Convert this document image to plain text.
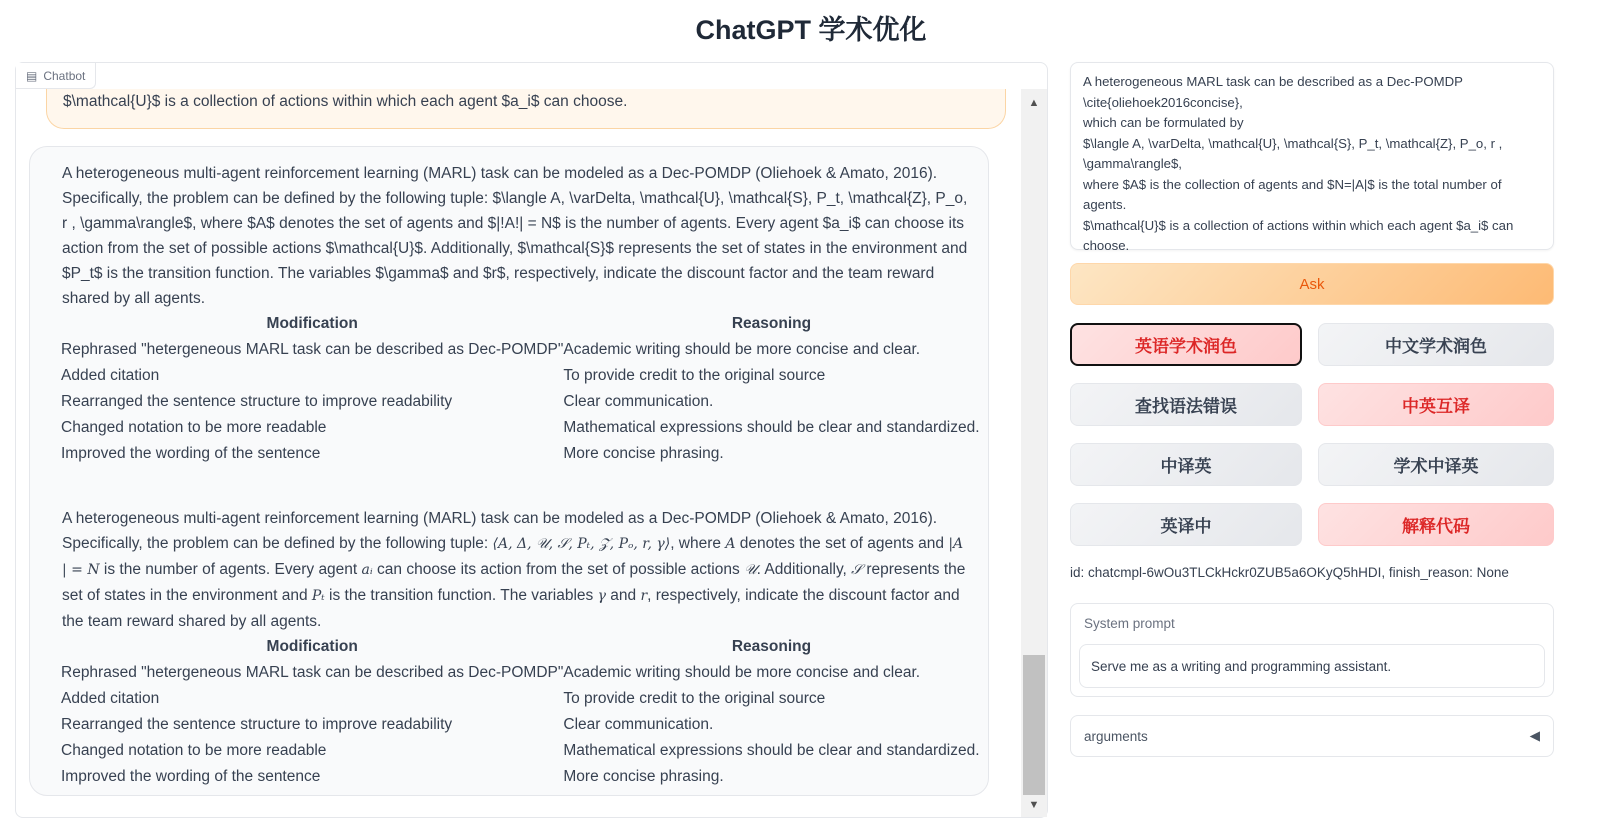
ChatGPT 学术优化
▤ Chatbot
$\mathcal{U}$ is a collection of actions within which each agent $a_i$ can choose.

A heterogeneous multi-agent reinforcement learning (MARL) task can be modeled as a Dec-POMDP (Oliehoek & Amato, 2016). Specifically, the problem can be defined by the following tuple: $\langle A, \varDelta, \mathcal{U}, \mathcal{S}, P_t, \mathcal{Z}, P_o, r , \gamma\rangle$, where $A$ denotes the set of agents and $|!A!| = N$ is the number of agents. Every agent $a_i$ can choose its action from the set of possible actions $\mathcal{U}$. Additionally, $\mathcal{S}$ represents the set of states in the environment and $P_t$ is the transition function. The variables $\gamma$ and $r$, respectively, indicate the discount factor and the team reward shared by all agents.

Modification	Reasoning
Rephrased "hetergeneous MARL task can be described as Dec-POMDP"	Academic writing should be more concise and clear.
Added citation	To provide credit to the original source
Rearranged the sentence structure to improve readability	Clear communication.
Changed notation to be more readable	Mathematical expressions should be clear and standardized.
Improved the wording of the sentence	More concise phrasing.

A heterogeneous multi-agent reinforcement learning (MARL) task can be modeled as a Dec-POMDP (Oliehoek & Amato, 2016). Specifically, the problem can be defined by the following tuple: ⟨A, Δ, 𝒰, 𝒮, Pₜ, 𝒵, Pₒ, r, γ⟩, where A denotes the set of agents and |A | = N is the number of agents. Every agent aᵢ can choose its action from the set of possible actions 𝒰. Additionally, 𝒮 represents the set of states in the environment and Pₜ is the transition function. The variables γ and r, respectively, indicate the discount factor and the team reward shared by all agents.

Modification	Reasoning
Rephrased "hetergeneous MARL task can be described as Dec-POMDP"	Academic writing should be more concise and clear.
Added citation	To provide credit to the original source
Rearranged the sentence structure to improve readability	Clear communication.
Changed notation to be more readable	Mathematical expressions should be clear and standardized.
Improved the wording of the sentence	More concise phrasing.
▲
▼
A heterogeneous MARL task can be described as a Dec-POMDP
\cite{oliehoek2016concise},
which can be formulated by
$\langle A, \varDelta, \mathcal{U}, \mathcal{S}, P_t, \mathcal{Z}, P_o, r ,
\gamma\rangle$,
where $A$ is the collection of agents and $N=|A|$ is the total number of agents.
$\mathcal{U}$ is a collection of actions within which each agent $a_i$ can
choose.
Ask
英语学术润色	中文学术润色
查找语法错误	中英互译
中译英	学术中译英
英译中	解释代码
id: chatcmpl-6wOu3TLCkHckr0ZUB5a6OKyQ5hHDI, finish_reason: None
System prompt
Serve me as a writing and programming assistant.
arguments	◀
